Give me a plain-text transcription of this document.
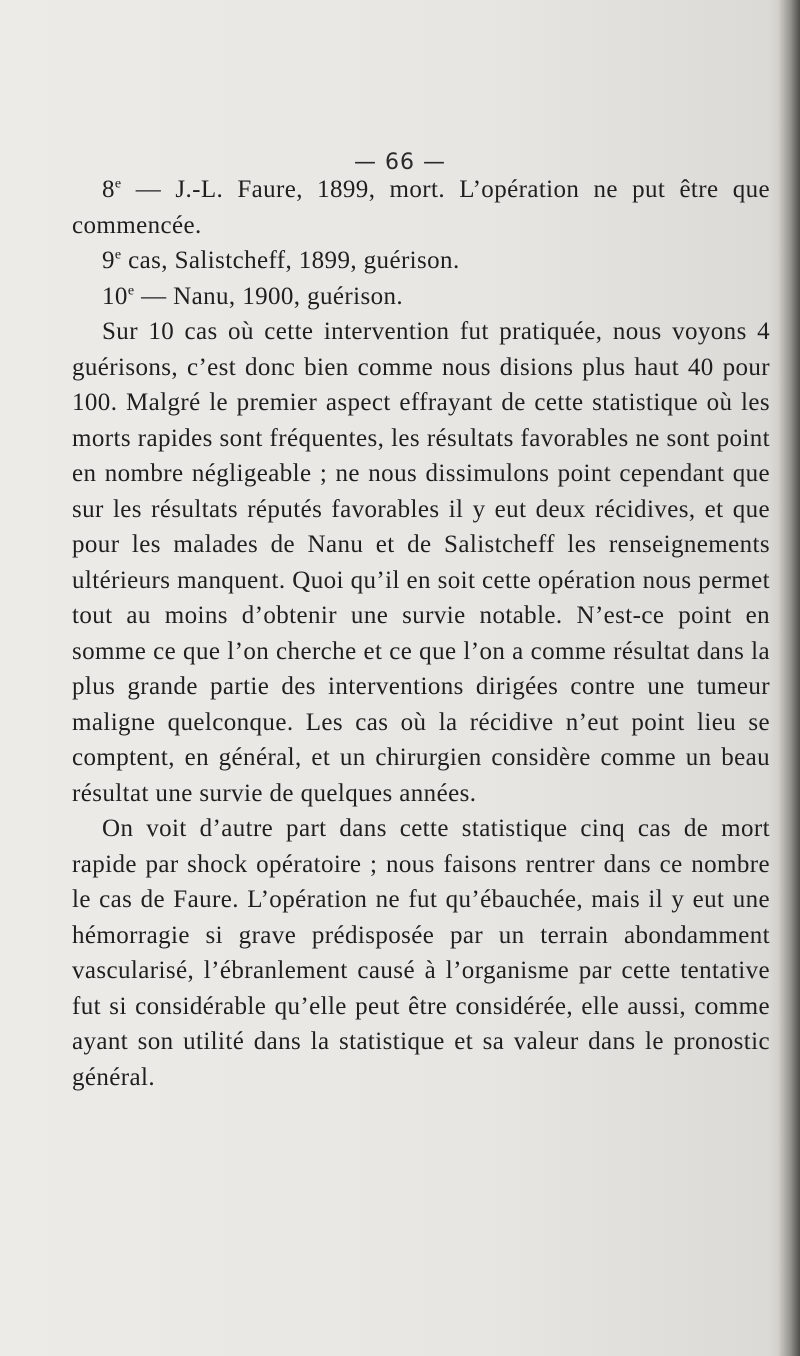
— 66 —

8e — J.-L. Faure, 1899, mort. L’opération ne put être que commencée.

9e cas, Salistcheff, 1899, guérison.

10e — Nanu, 1900, guérison.

Sur 10 cas où cette intervention fut pratiquée, nous voyons 4 guérisons, c’est donc bien comme nous disions plus haut 40 pour 100. Malgré le premier aspect effrayant de cette statistique où les morts rapides sont fréquentes, les résultats favorables ne sont point en nombre négligeable ; ne nous dissimulons point cependant que sur les résultats réputés favorables il y eut deux récidives, et que pour les malades de Nanu et de Salistcheff les renseignements ultérieurs manquent. Quoi qu’il en soit cette opération nous permet tout au moins d’obtenir une survie notable. N’est-ce point en somme ce que l’on cherche et ce que l’on a comme résultat dans la plus grande partie des interventions dirigées contre une tumeur maligne quelconque. Les cas où la récidive n’eut point lieu se comptent, en général, et un chirurgien considère comme un beau résultat une survie de quelques années.

On voit d’autre part dans cette statistique cinq cas de mort rapide par shock opératoire ; nous faisons rentrer dans ce nombre le cas de Faure. L’opération ne fut qu’ébauchée, mais il y eut une hémorragie si grave prédisposée par un terrain abondamment vascularisé, l’ébranlement causé à l’organisme par cette tentative fut si considérable qu’elle peut être considérée, elle aussi, comme ayant son utilité dans la statistique et sa valeur dans le pronostic général.
